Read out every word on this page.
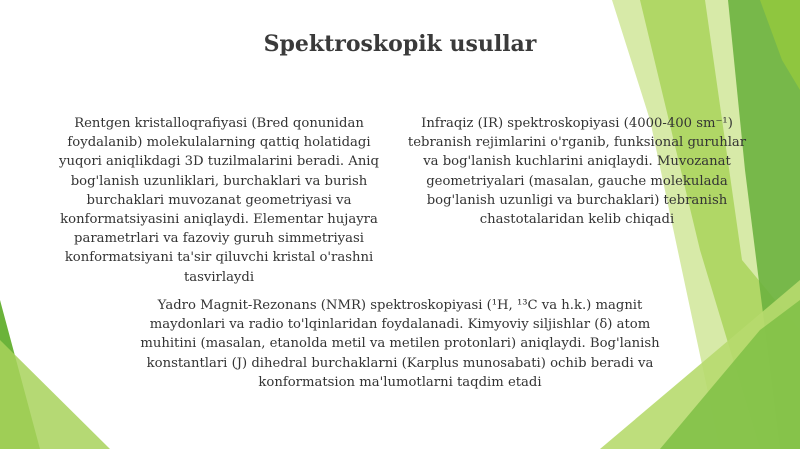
Spektroskopik usullar

Rentgen kristalloqrafiyasi (Bred qonunidan foydalanib) molekulalarning qattiq holatidagi yuqori aniqlikdagi 3D tuzilmalarini beradi. Aniq bog'lanish uzunliklari, burchaklari va burish burchaklari muvozanat geometriyasi va konformatsiyasini aniqlaydi. Elementar hujayra parametrlari va fazoviy guruh simmetriyasi konformatsiyani ta'sir qiluvchi kristal o'rashni tasvirlaydi

Infraqiz (IR) spektroskopiyasi (4000-400 sm⁻¹) tebranish rejimlarini o'rganib, funksional guruhlar va bog'lanish kuchlarini aniqlaydi. Muvozanat geometriyalari (masalan, gauche molekulada bog'lanish uzunligi va burchaklari) tebranish chastotalaridan kelib chiqadi

Yadro Magnit-Rezonans (NMR) spektroskopiyasi (¹H, ¹³C va h.k.) magnit maydonlari va radio to'lqinlaridan foydalanadi. Kimyoviy siljishlar (δ) atom muhitini (masalan, etanolda metil va metilen protonlari) aniqlaydi. Bog'lanish konstantlari (J) dihedral burchaklarni (Karplus munosabati) ochib beradi va konformatsion ma'lumotlarni taqdim etadi
